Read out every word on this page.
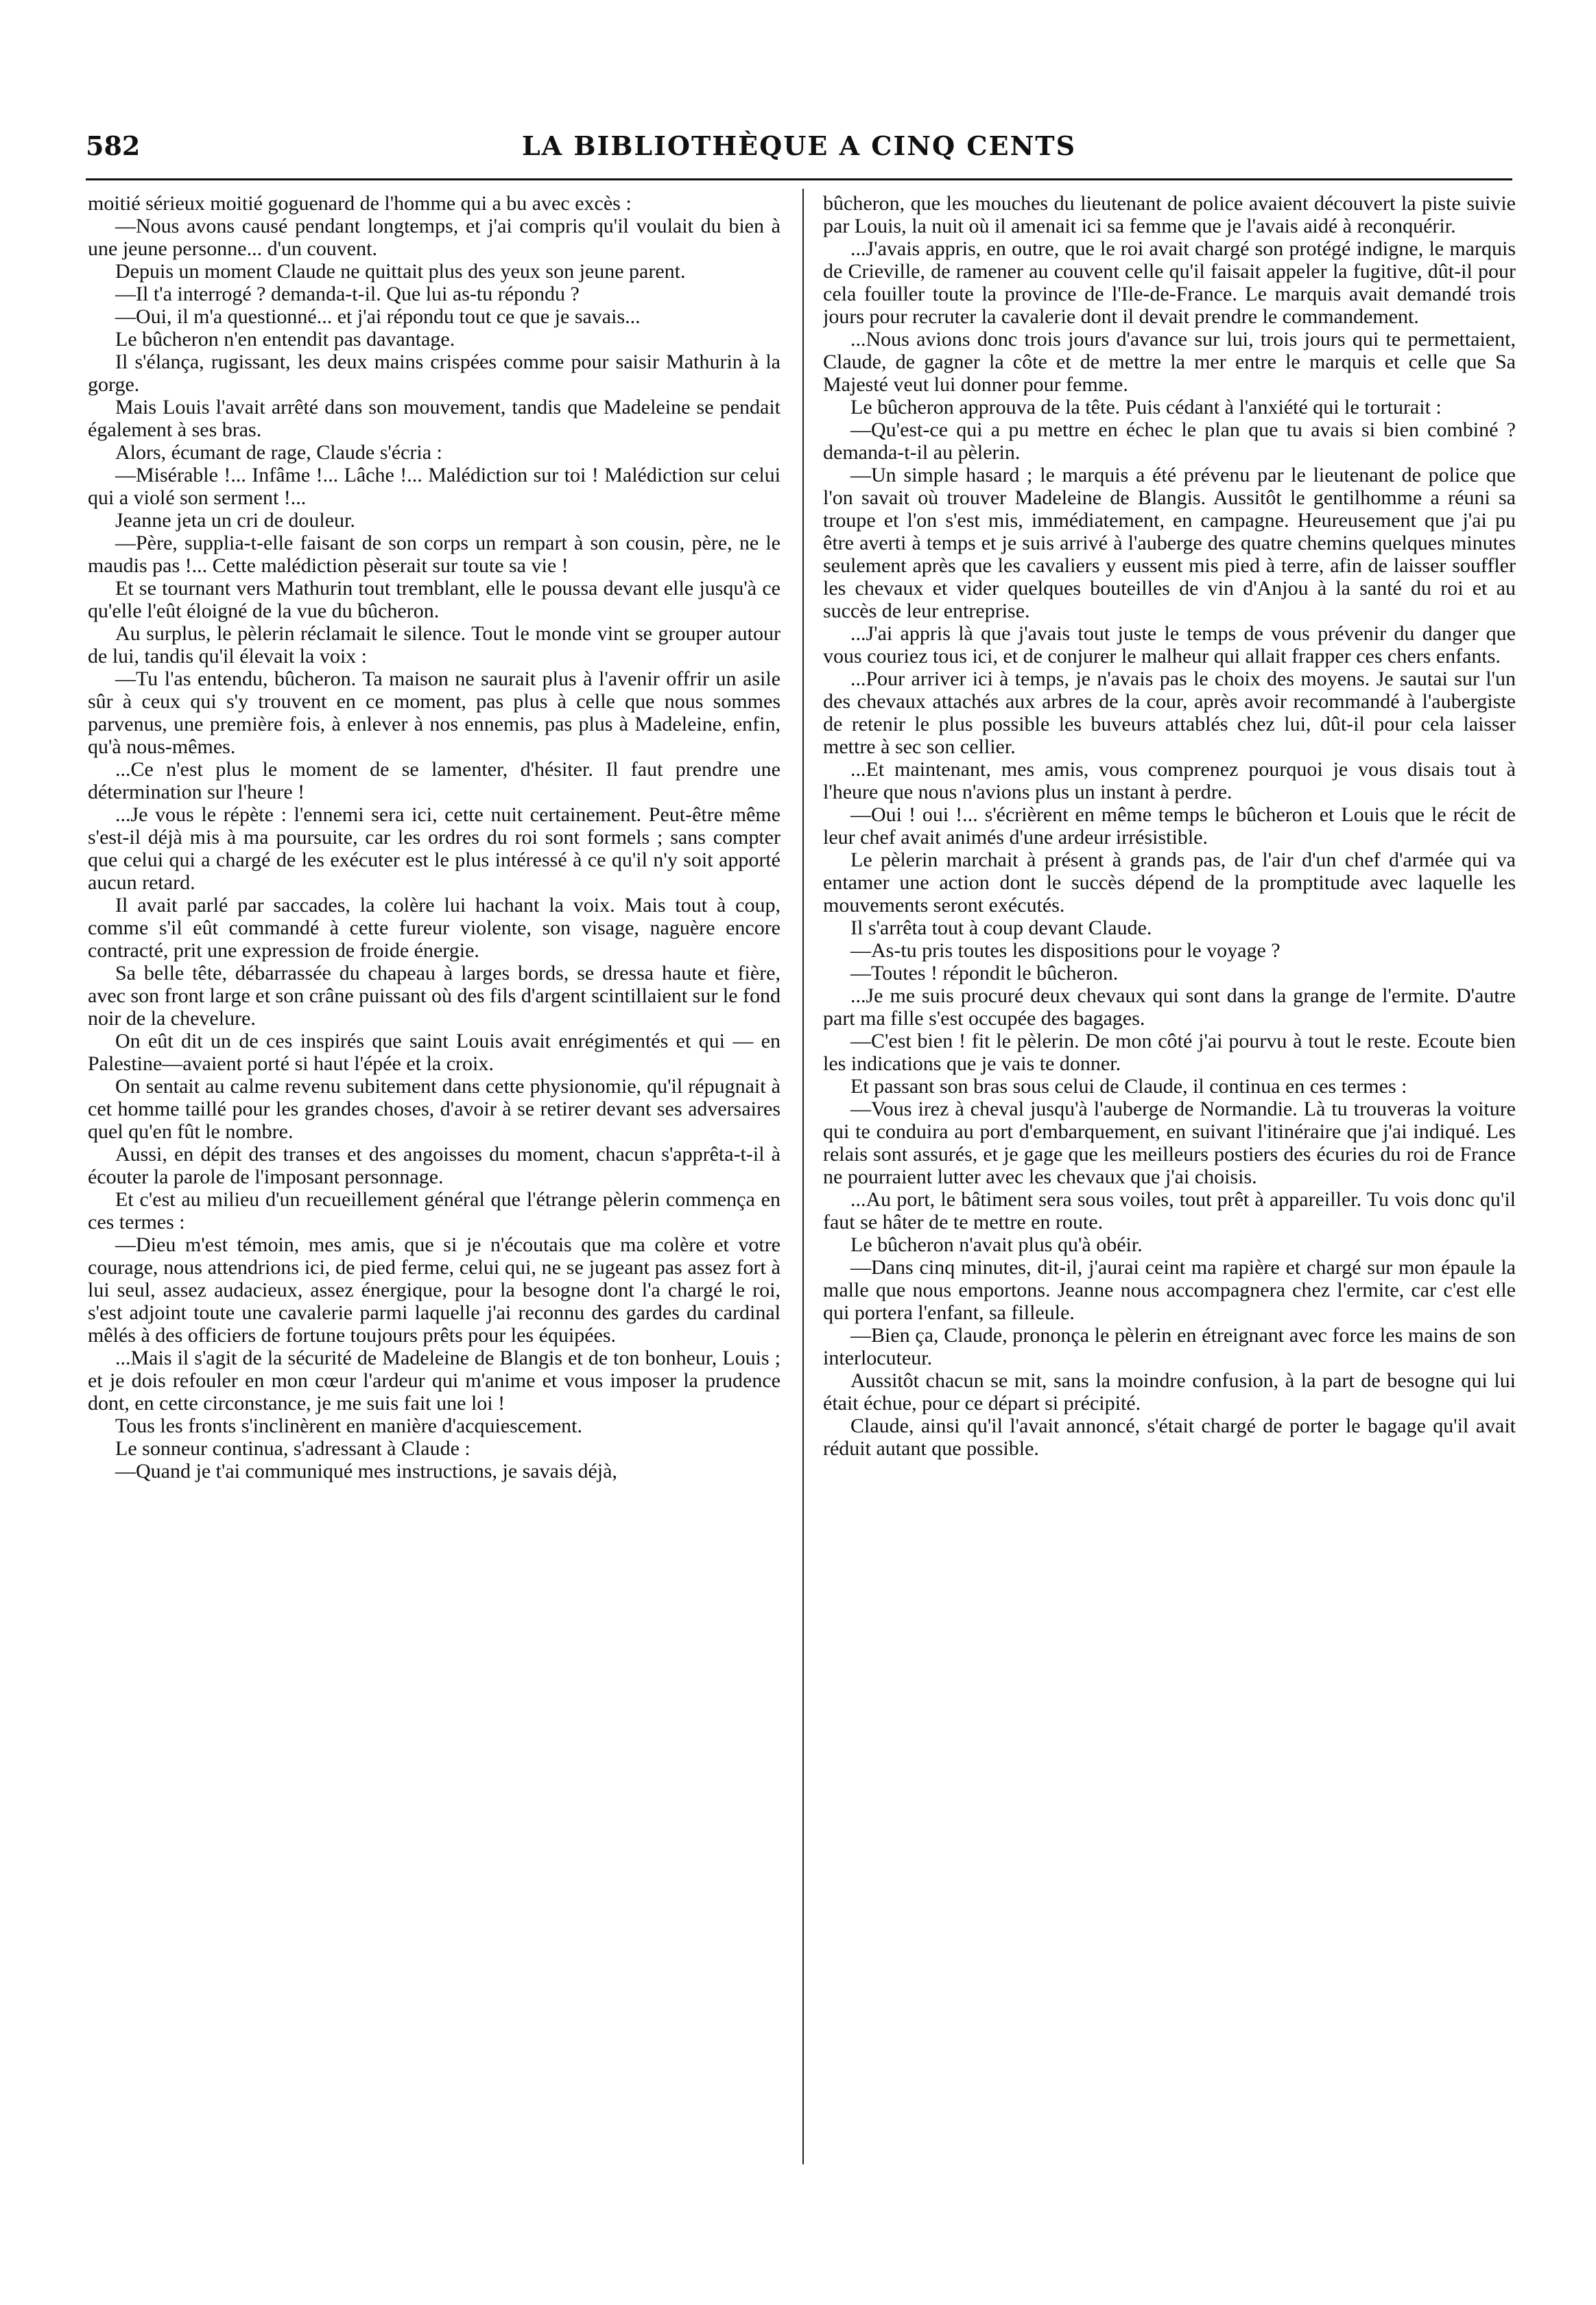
582	LA BIBLIOTHÈQUE A CINQ CENTS

moitié sérieux moitié goguenard de l'homme qui a bu avec excès :

—Nous avons causé pendant longtemps, et j'ai compris qu'il voulait du bien à une jeune personne... d'un couvent.

Depuis un moment Claude ne quittait plus des yeux son jeune parent.

—Il t'a interrogé ? demanda-t-il. Que lui as-tu répondu ?

—Oui, il m'a questionné... et j'ai répondu tout ce que je savais...

Le bûcheron n'en entendit pas davantage.

Il s'élança, rugissant, les deux mains crispées comme pour saisir Mathurin à la gorge.

Mais Louis l'avait arrêté dans son mouvement, tandis que Madeleine se pendait également à ses bras.

Alors, écumant de rage, Claude s'écria :

—Misérable !... Infâme !... Lâche !... Malédiction sur toi ! Malédiction sur celui qui a violé son serment !...

Jeanne jeta un cri de douleur.

—Père, supplia-t-elle faisant de son corps un rempart à son cousin, père, ne le maudis pas !... Cette malédiction pèserait sur toute sa vie !

Et se tournant vers Mathurin tout tremblant, elle le poussa devant elle jusqu'à ce qu'elle l'eût éloigné de la vue du bûcheron.

Au surplus, le pèlerin réclamait le silence. Tout le monde vint se grouper autour de lui, tandis qu'il élevait la voix :

—Tu l'as entendu, bûcheron. Ta maison ne saurait plus à l'avenir offrir un asile sûr à ceux qui s'y trouvent en ce moment, pas plus à celle que nous sommes parvenus, une première fois, à enlever à nos ennemis, pas plus à Madeleine, enfin, qu'à nous-mêmes.

...Ce n'est plus le moment de se lamenter, d'hésiter. Il faut prendre une détermination sur l'heure !

...Je vous le répète : l'ennemi sera ici, cette nuit certainement. Peut-être même s'est-il déjà mis à ma poursuite, car les ordres du roi sont formels ; sans compter que celui qui a chargé de les exécuter est le plus intéressé à ce qu'il n'y soit apporté aucun retard.

Il avait parlé par saccades, la colère lui hachant la voix. Mais tout à coup, comme s'il eût commandé à cette fureur violente, son visage, naguère encore contracté, prit une expression de froide énergie.

Sa belle tête, débarrassée du chapeau à larges bords, se dressa haute et fière, avec son front large et son crâne puissant où des fils d'argent scintillaient sur le fond noir de la chevelure.

On eût dit un de ces inspirés que saint Louis avait enrégimentés et qui — en Palestine—avaient porté si haut l'épée et la croix.

On sentait au calme revenu subitement dans cette physionomie, qu'il répugnait à cet homme taillé pour les grandes choses, d'avoir à se retirer devant ses adversaires quel qu'en fût le nombre.

Aussi, en dépit des transes et des angoisses du moment, chacun s'apprêta-t-il à écouter la parole de l'imposant personnage.

Et c'est au milieu d'un recueillement général que l'étrange pèlerin commença en ces termes :

—Dieu m'est témoin, mes amis, que si je n'écoutais que ma colère et votre courage, nous attendrions ici, de pied ferme, celui qui, ne se jugeant pas assez fort à lui seul, assez audacieux, assez énergique, pour la besogne dont l'a chargé le roi, s'est adjoint toute une cavalerie parmi laquelle j'ai reconnu des gardes du cardinal mêlés à des officiers de fortune toujours prêts pour les équipées.

...Mais il s'agit de la sécurité de Madeleine de Blangis et de ton bonheur, Louis ; et je dois refouler en mon cœur l'ardeur qui m'anime et vous imposer la prudence dont, en cette circonstance, je me suis fait une loi !

Tous les fronts s'inclinèrent en manière d'acquiescement.

Le sonneur continua, s'adressant à Claude :

—Quand je t'ai communiqué mes instructions, je savais déjà,

bûcheron, que les mouches du lieutenant de police avaient découvert la piste suivie par Louis, la nuit où il amenait ici sa femme que je l'avais aidé à reconquérir.

...J'avais appris, en outre, que le roi avait chargé son protégé indigne, le marquis de Crieville, de ramener au couvent celle qu'il faisait appeler la fugitive, dût-il pour cela fouiller toute la province de l'Ile-de-France. Le marquis avait demandé trois jours pour recruter la cavalerie dont il devait prendre le commandement.

...Nous avions donc trois jours d'avance sur lui, trois jours qui te permettaient, Claude, de gagner la côte et de mettre la mer entre le marquis et celle que Sa Majesté veut lui donner pour femme.

Le bûcheron approuva de la tête. Puis cédant à l'anxiété qui le torturait :

—Qu'est-ce qui a pu mettre en échec le plan que tu avais si bien combiné ? demanda-t-il au pèlerin.

—Un simple hasard ; le marquis a été prévenu par le lieutenant de police que l'on savait où trouver Madeleine de Blangis. Aussitôt le gentilhomme a réuni sa troupe et l'on s'est mis, immédiatement, en campagne. Heureusement que j'ai pu être averti à temps et je suis arrivé à l'auberge des quatre chemins quelques minutes seulement après que les cavaliers y eussent mis pied à terre, afin de laisser souffler les chevaux et vider quelques bouteilles de vin d'Anjou à la santé du roi et au succès de leur entreprise.

...J'ai appris là que j'avais tout juste le temps de vous prévenir du danger que vous couriez tous ici, et de conjurer le malheur qui allait frapper ces chers enfants.

...Pour arriver ici à temps, je n'avais pas le choix des moyens. Je sautai sur l'un des chevaux attachés aux arbres de la cour, après avoir recommandé à l'aubergiste de retenir le plus possible les buveurs attablés chez lui, dût-il pour cela laisser mettre à sec son cellier.

...Et maintenant, mes amis, vous comprenez pourquoi je vous disais tout à l'heure que nous n'avions plus un instant à perdre.

—Oui ! oui !... s'écrièrent en même temps le bûcheron et Louis que le récit de leur chef avait animés d'une ardeur irrésistible.

Le pèlerin marchait à présent à grands pas, de l'air d'un chef d'armée qui va entamer une action dont le succès dépend de la promptitude avec laquelle les mouvements seront exécutés.

Il s'arrêta tout à coup devant Claude.

—As-tu pris toutes les dispositions pour le voyage ?

—Toutes ! répondit le bûcheron.

...Je me suis procuré deux chevaux qui sont dans la grange de l'ermite. D'autre part ma fille s'est occupée des bagages.

—C'est bien ! fit le pèlerin. De mon côté j'ai pourvu à tout le reste. Ecoute bien les indications que je vais te donner.

Et passant son bras sous celui de Claude, il continua en ces termes :

—Vous irez à cheval jusqu'à l'auberge de Normandie. Là tu trouveras la voiture qui te conduira au port d'embarquement, en suivant l'itinéraire que j'ai indiqué. Les relais sont assurés, et je gage que les meilleurs postiers des écuries du roi de France ne pourraient lutter avec les chevaux que j'ai choisis.

...Au port, le bâtiment sera sous voiles, tout prêt à appareiller. Tu vois donc qu'il faut se hâter de te mettre en route.

Le bûcheron n'avait plus qu'à obéir.

—Dans cinq minutes, dit-il, j'aurai ceint ma rapière et chargé sur mon épaule la malle que nous emportons. Jeanne nous accompagnera chez l'ermite, car c'est elle qui portera l'enfant, sa filleule.

—Bien ça, Claude, prononça le pèlerin en étreignant avec force les mains de son interlocuteur.

Aussitôt chacun se mit, sans la moindre confusion, à la part de besogne qui lui était échue, pour ce départ si précipité.

Claude, ainsi qu'il l'avait annoncé, s'était chargé de porter le bagage qu'il avait réduit autant que possible.
